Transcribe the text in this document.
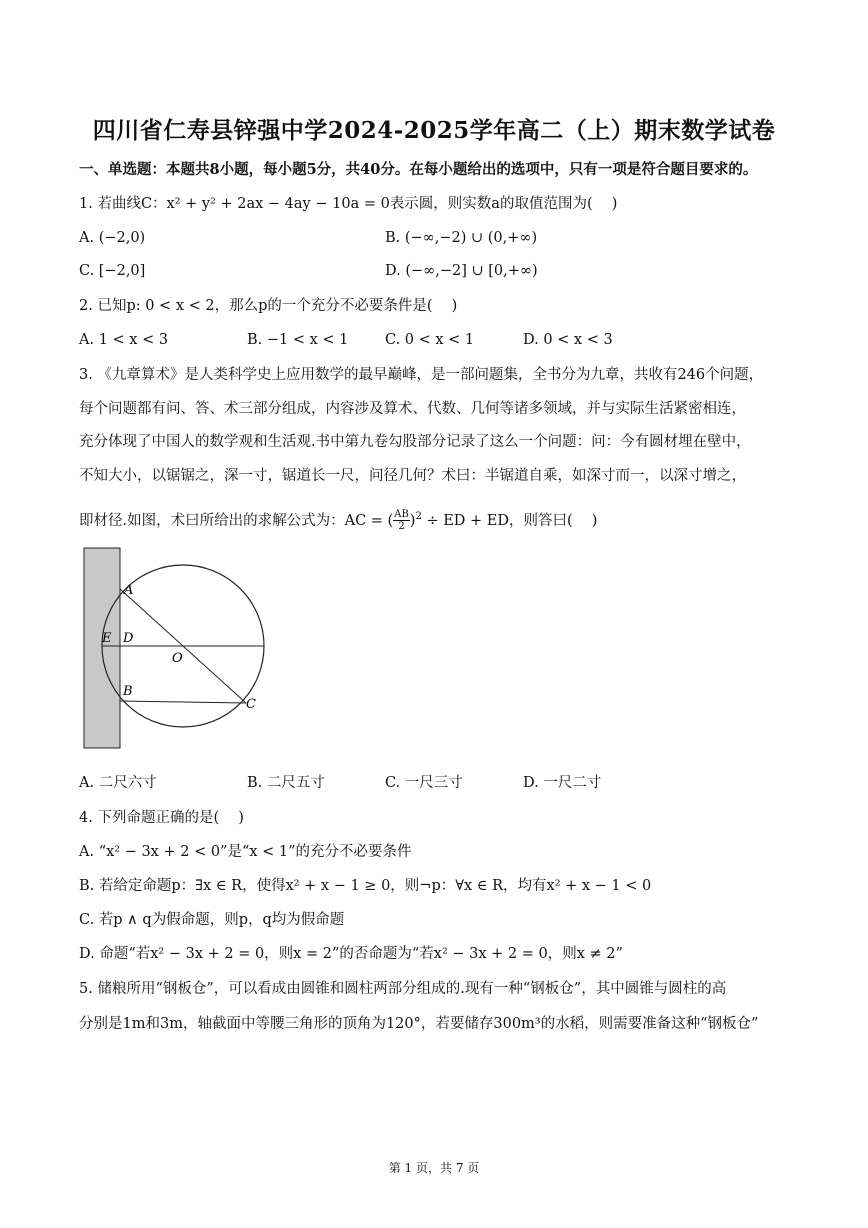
四川省仁寿县锌强中学2024-2025学年高二（上）期末数学试卷
一、单选题：本题共8小题，每小题5分，共40分。在每小题给出的选项中，只有一项是符合题目要求的。
1. 若曲线C：x² + y² + 2ax − 4ay − 10a = 0表示圆，则实数a的取值范围为(　 )
A. (−2,0)	B. (−∞,−2) ∪ (0,+∞)
C. [−2,0]	D. (−∞,−2] ∪ [0,+∞)
2. 已知p: 0 < x < 2，那么p的一个充分不必要条件是(　 )
A. 1 < x < 3	B. −1 < x < 1	C. 0 < x < 1	D. 0 < x < 3
3. 《九章算术》是人类科学史上应用数学的最早巅峰，是一部问题集，全书分为九章，共收有246个问题，
每个问题都有问、答、术三部分组成，内容涉及算术、代数、几何等诸多领域，并与实际生活紧密相连，
充分体现了中国人的数学观和生活观.书中第九卷勾股部分记录了这么一个问题：问：今有圆材埋在壁中，
不知大小，以锯锯之，深一寸，锯道长一尺，问径几何？术曰：半锯道自乘，如深寸而一，以深寸增之，
即材径.如图，术曰所给出的求解公式为：AC = ( $\frac{AB}{2} )^2$ ÷ ED + ED，则答曰(　 )
A
E D
O
B
C
A. 二尺六寸	B. 二尺五寸	C. 一尺三寸	D. 一尺二寸
4. 下列命题正确的是(　 )
A. “x² − 3x + 2 < 0”是“x < 1”的充分不必要条件
B. 若给定命题p：∃x ∈ R，使得x² + x − 1 ≥ 0，则¬p：∀x ∈ R，均有x² + x − 1 < 0
C. 若p ∧ q为假命题，则p，q均为假命题
D. 命题“若x² − 3x + 2 = 0，则x = 2”的否命题为“若x² − 3x + 2 = 0，则x ≠ 2”
5. 储粮所用“钢板仓”，可以看成由圆锥和圆柱两部分组成的.现有一种“钢板仓”，其中圆锥与圆柱的高
分别是1m和3m，轴截面中等腰三角形的顶角为120°，若要储存300m³的水稻，则需要准备这种“钢板仓”
第 1 页，共 7 页
